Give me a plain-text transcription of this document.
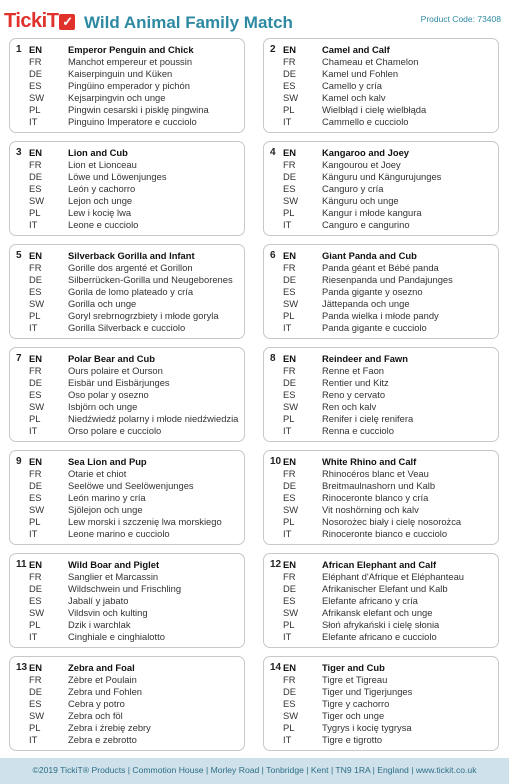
TickiT ✓ Wild Animal Family Match	Product Code: 73408
1 EN	Emperor Penguin and Chick
FR	Manchot empereur et poussin
DE	Kaiserpinguin und Küken
ES	Pingüino emperador y pichón
SW	Kejsarpingvin och unge
PL	Pingwin cesarski i pisklę pingwina
IT	Pinguino Imperatore e cucciolo
2 EN	Camel and Calf
FR	Chameau et Chamelon
DE	Kamel und Fohlen
ES	Camello y cría
SW	Kamel och kalv
PL	Wielbłąd i cielę wielbłąda
IT	Cammello e cucciolo
3 EN	Lion and Cub
FR	Lion et Lionceau
DE	Löwe und Löwenjunges
ES	León y cachorro
SW	Lejon och unge
PL	Lew i kocię lwa
IT	Leone e cucciolo
4 EN	Kangaroo and Joey
FR	Kangourou et Joey
DE	Känguru und Kängurujunges
ES	Canguro y cría
SW	Känguru och unge
PL	Kangur i młode kangura
IT	Canguro e cangurino
5 EN	Silverback Gorilla and Infant
FR	Gorille dos argenté et Gorillon
DE	Silberrücken-Gorilla und Neugeborenes
ES	Gorila de lomo plateado y cría
SW	Gorilla och unge
PL	Goryl srebrnogrzbiety i młode goryla
IT	Gorilla Silverback e cucciolo
6 EN	Giant Panda and Cub
FR	Panda géant et Bébé panda
DE	Riesenpanda und Pandajunges
ES	Panda gigante y osezno
SW	Jättepanda och unge
PL	Panda wielka i młode pandy
IT	Panda gigante e cucciolo
7 EN	Polar Bear and Cub
FR	Ours polaire et Ourson
DE	Eisbär und Eisbärjunges
ES	Oso polar y osezno
SW	Isbjörn och unge
PL	Niedźwiedź polarny i młode niedźwiedzia
IT	Orso polare e cucciolo
8 EN	Reindeer and Fawn
FR	Renne et Faon
DE	Rentier und Kitz
ES	Reno y cervato
SW	Ren och kalv
PL	Renifer i cielę renifera
IT	Renna e cucciolo
9 EN	Sea Lion and Pup
FR	Otarie et chiot
DE	Seelöwe und Seelöwenjunges
ES	León marino y cría
SW	Sjölejon och unge
PL	Lew morski i szczenię lwa morskiego
IT	Leone marino e cucciolo
10 EN	White Rhino and Calf
FR	Rhinocéros blanc et Veau
DE	Breitmaulnashorn und Kalb
ES	Rinoceronte blanco y cría
SW	Vit noshörning och kalv
PL	Nosorożec biały i cielę nosorożca
IT	Rinoceronte bianco e cucciolo
11 EN	Wild Boar and Piglet
FR	Sanglier et Marcassin
DE	Wildschwein und Frischling
ES	Jabalí y jabato
SW	Vildsvin och kulting
PL	Dzik i warchlak
IT	Cinghiale e cinghialotto
12 EN	African Elephant and Calf
FR	Eléphant d'Afrique et Eléphanteau
DE	Afrikanischer Elefant und Kalb
ES	Elefante africano y cría
SW	Afrikansk elefant och unge
PL	Słoń afrykański i cielę słonia
IT	Elefante africano e cucciolo
13 EN	Zebra and Foal
FR	Zèbre et Poulain
DE	Zebra und Fohlen
ES	Cebra y potro
SW	Zebra och föl
PL	Zebra i źrebię zebry
IT	Zebra e zebrotto
14 EN	Tiger and Cub
FR	Tigre et Tigreau
DE	Tiger und Tigerjunges
ES	Tigre y cachorro
SW	Tiger och unge
PL	Tygrys i kocię tygrysa
IT	Tigre e tigrotto
©2019 TickiT® Products | Commotion House | Morley Road | Tonbridge | Kent | TN9 1RA | England | www.tickit.co.uk
